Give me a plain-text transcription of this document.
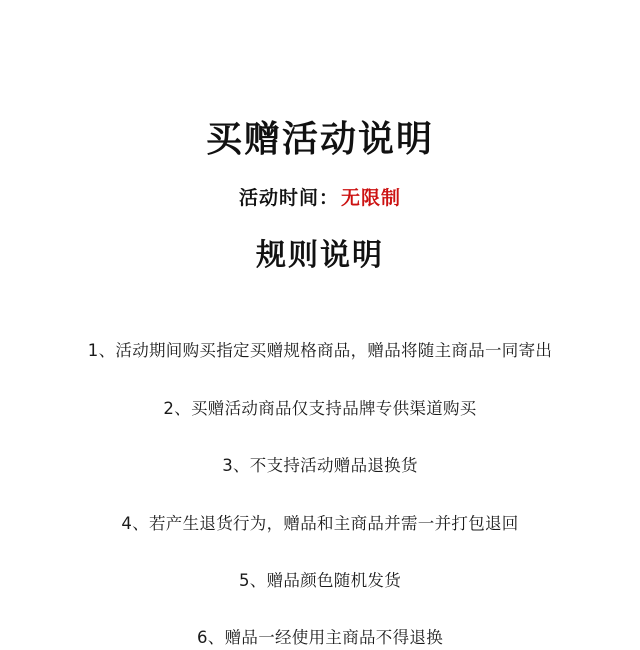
买赠活动说明
活动时间： 无限制
规则说明

1、活动期间购买指定买赠规格商品，赠品将随主商品一同寄出

2、买赠活动商品仅支持品牌专供渠道购买

3、不支持活动赠品退换货

4、若产生退货行为，赠品和主商品并需一并打包退回

5、赠品颜色随机发货

6、赠品一经使用主商品不得退换
